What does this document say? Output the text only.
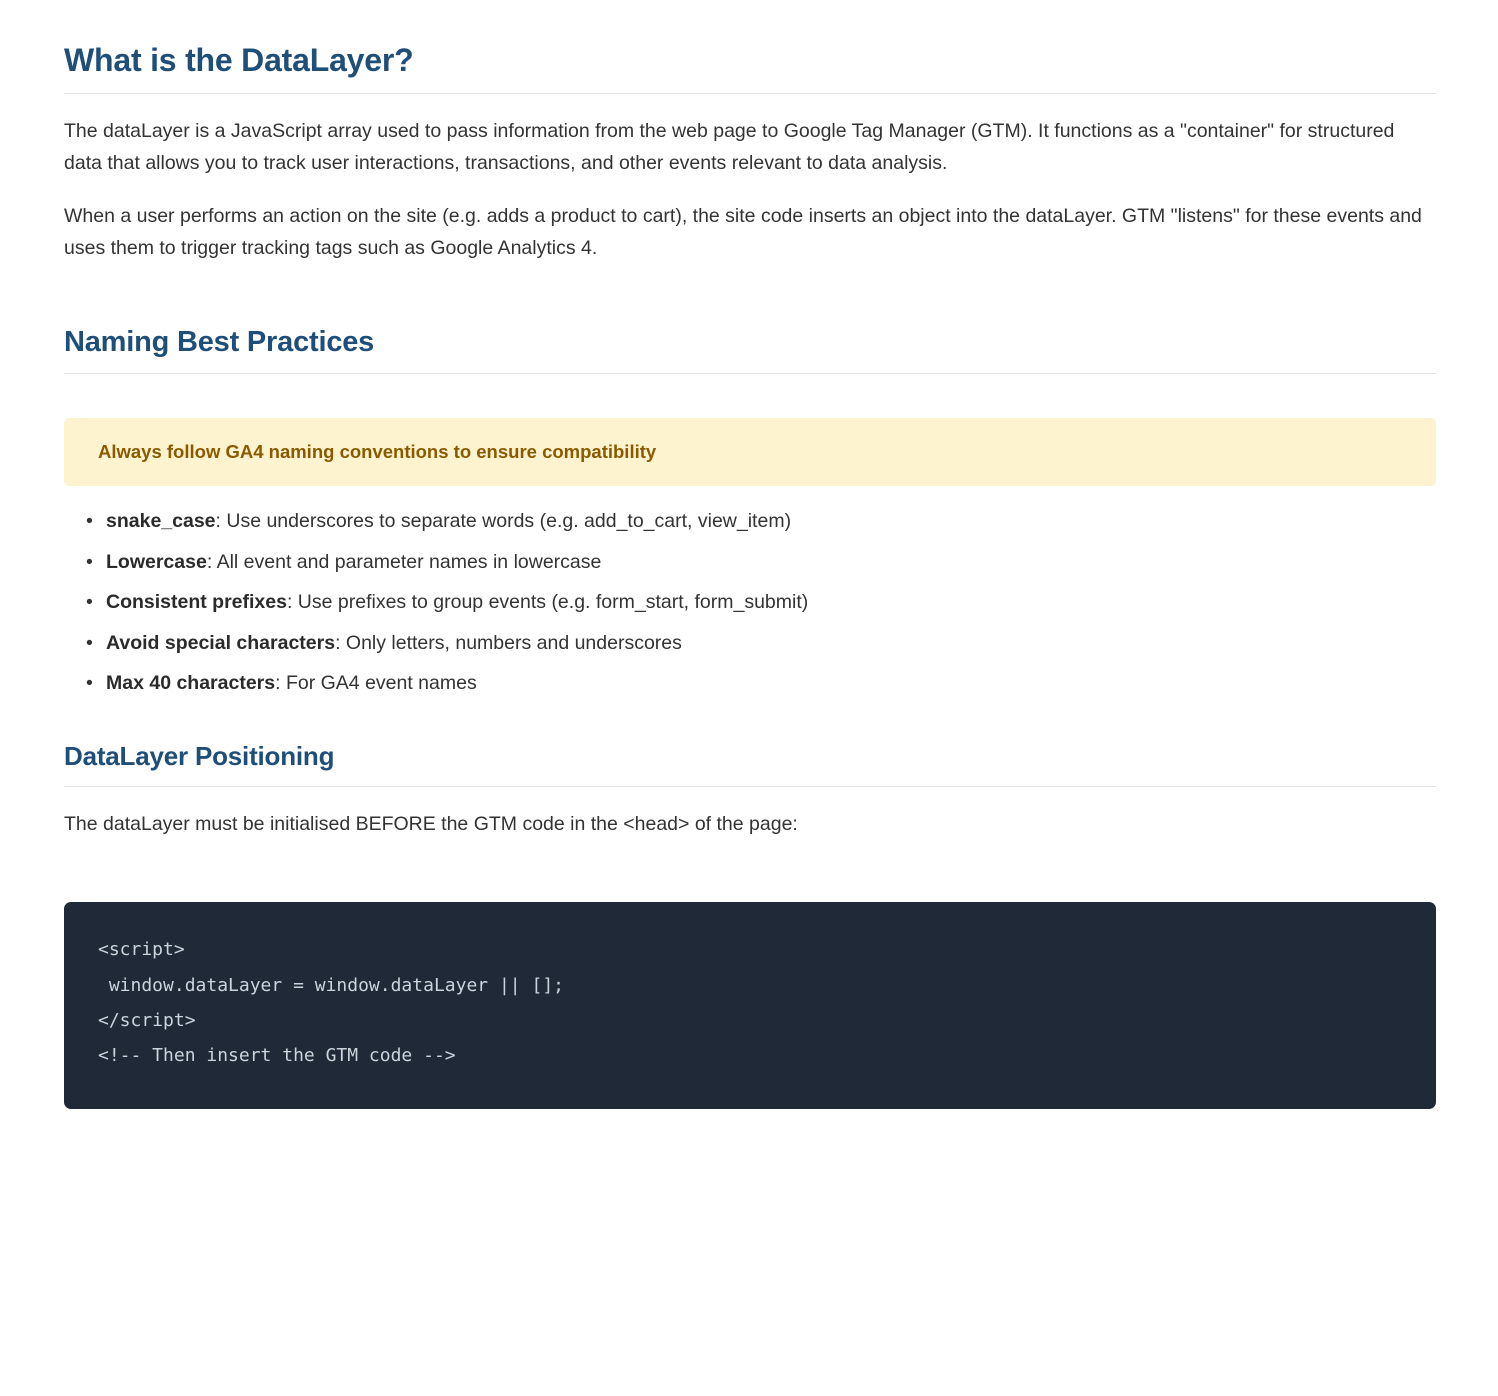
What is the DataLayer?

The dataLayer is a JavaScript array used to pass information from the web page to Google Tag Manager (GTM). It functions as a "container" for structured data that allows you to track user interactions, transactions, and other events relevant to data analysis.

When a user performs an action on the site (e.g. adds a product to cart), the site code inserts an object into the dataLayer. GTM "listens" for these events and uses them to trigger tracking tags such as Google Analytics 4.

Naming Best Practices
Always follow GA4 naming conventions to ensure compatibility
• snake_case: Use underscores to separate words (e.g. add_to_cart, view_item)
• Lowercase: All event and parameter names in lowercase
• Consistent prefixes: Use prefixes to group events (e.g. form_start, form_submit)
• Avoid special characters: Only letters, numbers and underscores
• Max 40 characters: For GA4 event names
DataLayer Positioning

The dataLayer must be initialised BEFORE the GTM code in the <head> of the page:

<script>
window.dataLayer = window.dataLayer || [];
</script>
<!-- Then insert the GTM code -->
